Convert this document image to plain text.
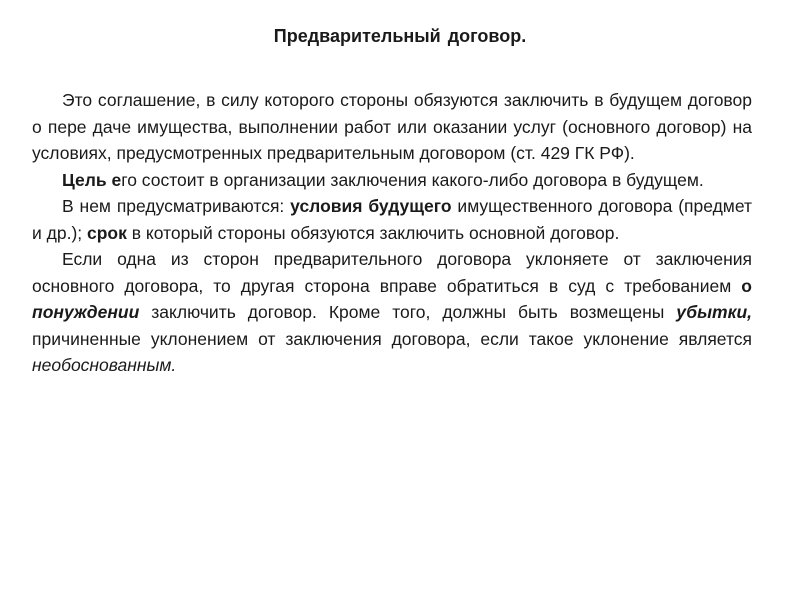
Предварительный договор.

Это соглашение, в силу которого стороны обязуются заключить в будущем договор о пере даче имущества, выполнении работ или оказании услуг (основного договор) на условиях, предусмотренных предварительным договором (ст. 429 ГК РФ).

Цель его состоит в организации заключения какого-либо договора в будущем.

В нем предусматриваются: условия будущего имущественного договора (предмет и др.); срок в который стороны обязуются заключить основной договор.

Если одна из сторон предварительного договора уклоняете от заключения основного договора, то другая сторона вправе обратиться в суд с требованием о понуждении заключить договор. Кроме того, должны быть возмещены убытки, причиненные уклонением от заключения договора, если такое уклонение является необоснованным.
